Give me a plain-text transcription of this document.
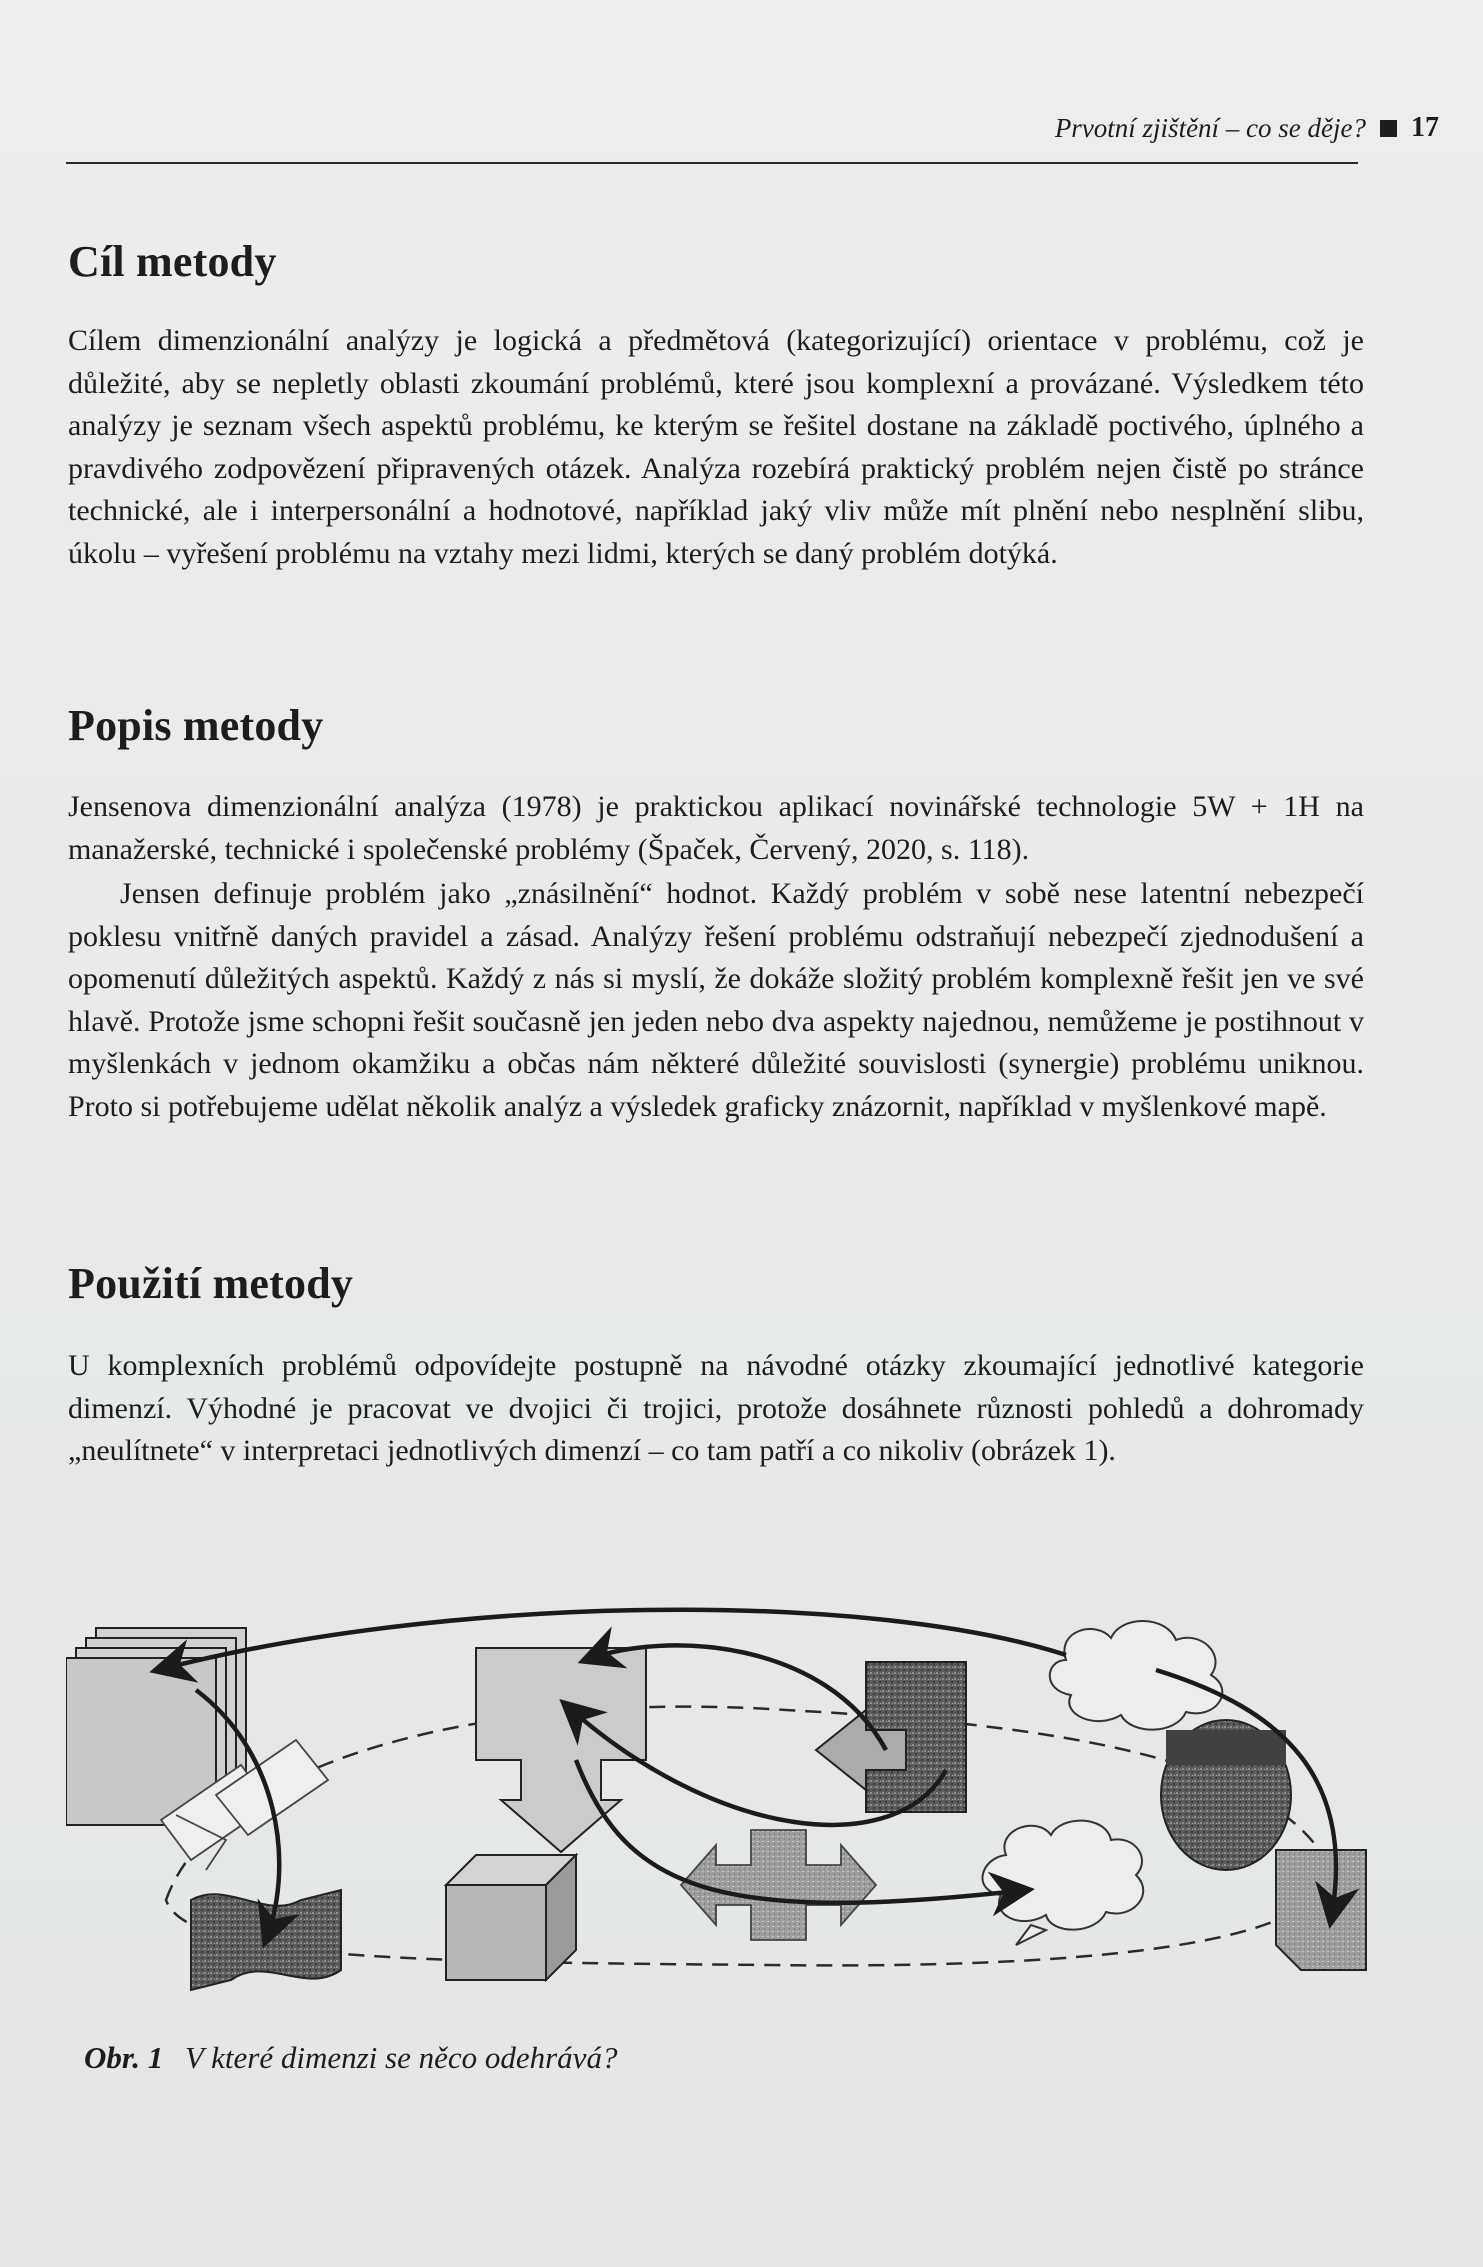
Prvotní zjištění – co se děje? 17
Cíl metody

Cílem dimenzionální analýzy je logická a předmětová (kategorizující) orientace v problému, což je důležité, aby se nepletly oblasti zkoumání problémů, které jsou komplexní a provázané. Výsledkem této analýzy je seznam všech aspektů problému, ke kterým se řešitel dostane na základě poctivého, úplného a pravdivého zodpovězení připravených otázek. Analýza rozebírá praktický problém nejen čistě po stránce technické, ale i interpersonální a hodnotové, například jaký vliv může mít plnění nebo nesplnění slibu, úkolu – vyřešení problému na vztahy mezi lidmi, kterých se daný problém dotýká.

Popis metody

Jensenova dimenzionální analýza (1978) je praktickou aplikací novinářské technologie 5W + 1H na manažerské, technické i společenské problémy (Špaček, Červený, 2020, s. 118).

Jensen definuje problém jako „znásilnění“ hodnot. Každý problém v sobě nese latentní nebezpečí poklesu vnitřně daných pravidel a zásad. Analýzy řešení problému odstraňují nebezpečí zjednodušení a opomenutí důležitých aspektů. Každý z nás si myslí, že dokáže složitý problém komplexně řešit jen ve své hlavě. Protože jsme schopni řešit současně jen jeden nebo dva aspekty najednou, nemůžeme je postihnout v myšlenkách v jednom okamžiku a občas nám některé důležité souvislosti (synergie) problému uniknou. Proto si potřebujeme udělat několik analýz a výsledek graficky znázornit, například v myšlenkové mapě.

Použití metody

U komplexních problémů odpovídejte postupně na návodné otázky zkoumající jednotlivé kategorie dimenzí. Výhodné je pracovat ve dvojici či trojici, protože dosáhnete různosti pohledů a dohromady „neulítnete“ v interpretaci jednotlivých dimenzí – co tam patří a co nikoliv (obrázek 1).

Obr. 1 V které dimenzi se něco odehrává?
